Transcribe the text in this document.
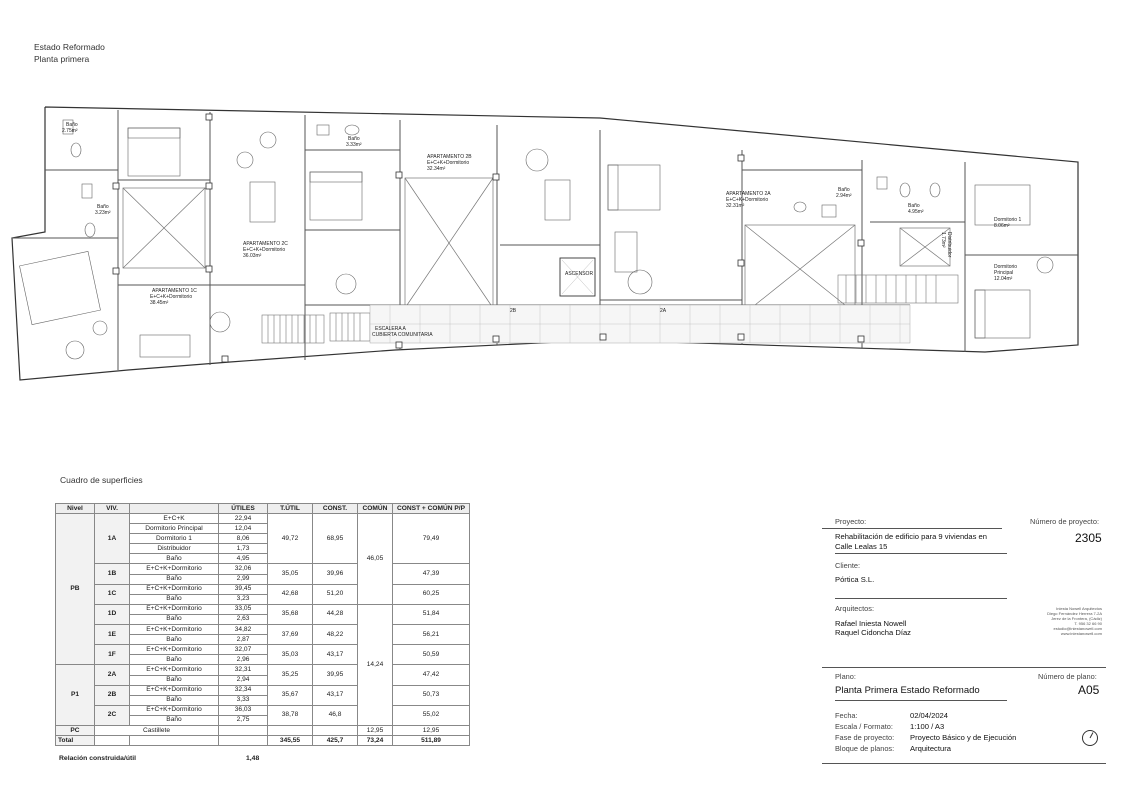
Estado Reformado
Planta primera
Baño
2.75m²
Baño
3.23m²
Baño
3.33m²
APARTAMENTO 2B
E+C+K+Dormitorio
32.34m²
APARTAMENTO 2C
E+C+K+Dormitorio
36.03m²
APARTAMENTO 1C
E+C+K+Dormitorio
38.45m²
APARTAMENTO 2A
E+C+K+Dormitorio
32.31m²
Baño
2.94m²
Baño
4.95m²
Distribuidor
1.73m²
Dormitorio 1
8.06m²
Dormitorio
Principal
12.04m²
ASCENSOR
ESCALERA A
CUBIERTA COMUNITARIA
2B	2A
Cuadro de superficies
Nivel	VIV.		ÚTILES	T.ÚTIL	CONST.	COMÚN	CONST + COMÚN P/P
PB	1A	E+C+K	22,94	49,72	68,95	46,05	79,49
		Dormitorio Principal	12,04				
		Dormitorio 1	8,06				
		Distribuidor	1,73				
		Baño	4,95				
	1B	E+C+K+Dormitorio	32,06	35,05	39,96		47,39
		Baño	2,99				
	1C	E+C+K+Dormitorio	39,45	42,68	51,20		60,25
		Baño	3,23				
	1D	E+C+K+Dormitorio	33,05	35,68	44,28	14,24	51,84
		Baño	2,63				
	1E	E+C+K+Dormitorio	34,82	37,69	48,22		56,21
		Baño	2,87				
	1F	E+C+K+Dormitorio	32,07	35,03	43,17		50,59
		Baño	2,96				
P1	2A	E+C+K+Dormitorio	32,31	35,25	39,95		47,42
		Baño	2,94				
	2B	E+C+K+Dormitorio	32,34	35,67	43,17		50,73
		Baño	3,33				
	2C	E+C+K+Dormitorio	36,03	38,78	46,8		55,02
		Baño	2,75				
PC	Castillete					12,95	12,95
Total				345,55	425,7	73,24	511,89
Relación construida/útil	1,48
Proyecto:	Número de proyecto:
Rehabilitación de edificio para 9 viviendas en
Calle Lealas 15
2305
Cliente:
Pórtica S.L.
Arquitectos:
Rafael Iniesta Nowell
Raquel Cidoncha Díaz
Iniesta Nowell Arquitectos
Diego Fernández Herrera 7-2A
Jerez de la Frontera, (Cádiz)
T. 956 32 66 90
estudio@iniestanowell.com
www.iniestanowell.com
Plano:	Número de plano:
Planta Primera Estado Reformado	A05
Fecha:	02/04/2024
Escala / Formato: 1:100 / A3
Fase de proyecto: Proyecto Básico y de Ejecución
Bloque de planos: Arquitectura
